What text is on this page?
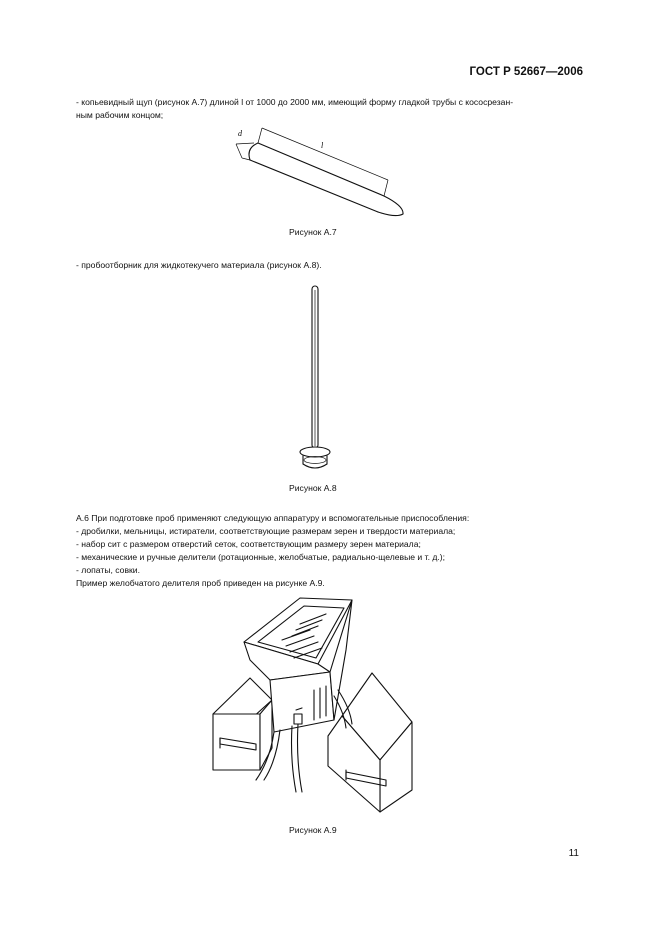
ГОСТ Р 52667—2006
- копьевидный щуп (рисунок А.7) длиной l от 1000 до 2000 мм, имеющий форму гладкой трубы с кососрезан-
ным рабочим концом;
l
d
Рисунок А.7
- пробоотборник для жидкотекучего материала (рисунок А.8).
Рисунок А.8
А.6 При подготовке проб применяют следующую аппаратуру и вспомогательные приспособления:
- дробилки, мельницы, истиратели, соответствующие размерам зерен и твердости материала;
- набор сит с размером отверстий сеток, соответствующим размеру зерен материала;
- механические и ручные делители (ротационные, желобчатые, радиально-щелевые и т. д.);
- лопаты, совки.
Пример желобчатого делителя проб приведен на рисунке А.9.
Рисунок А.9
11
